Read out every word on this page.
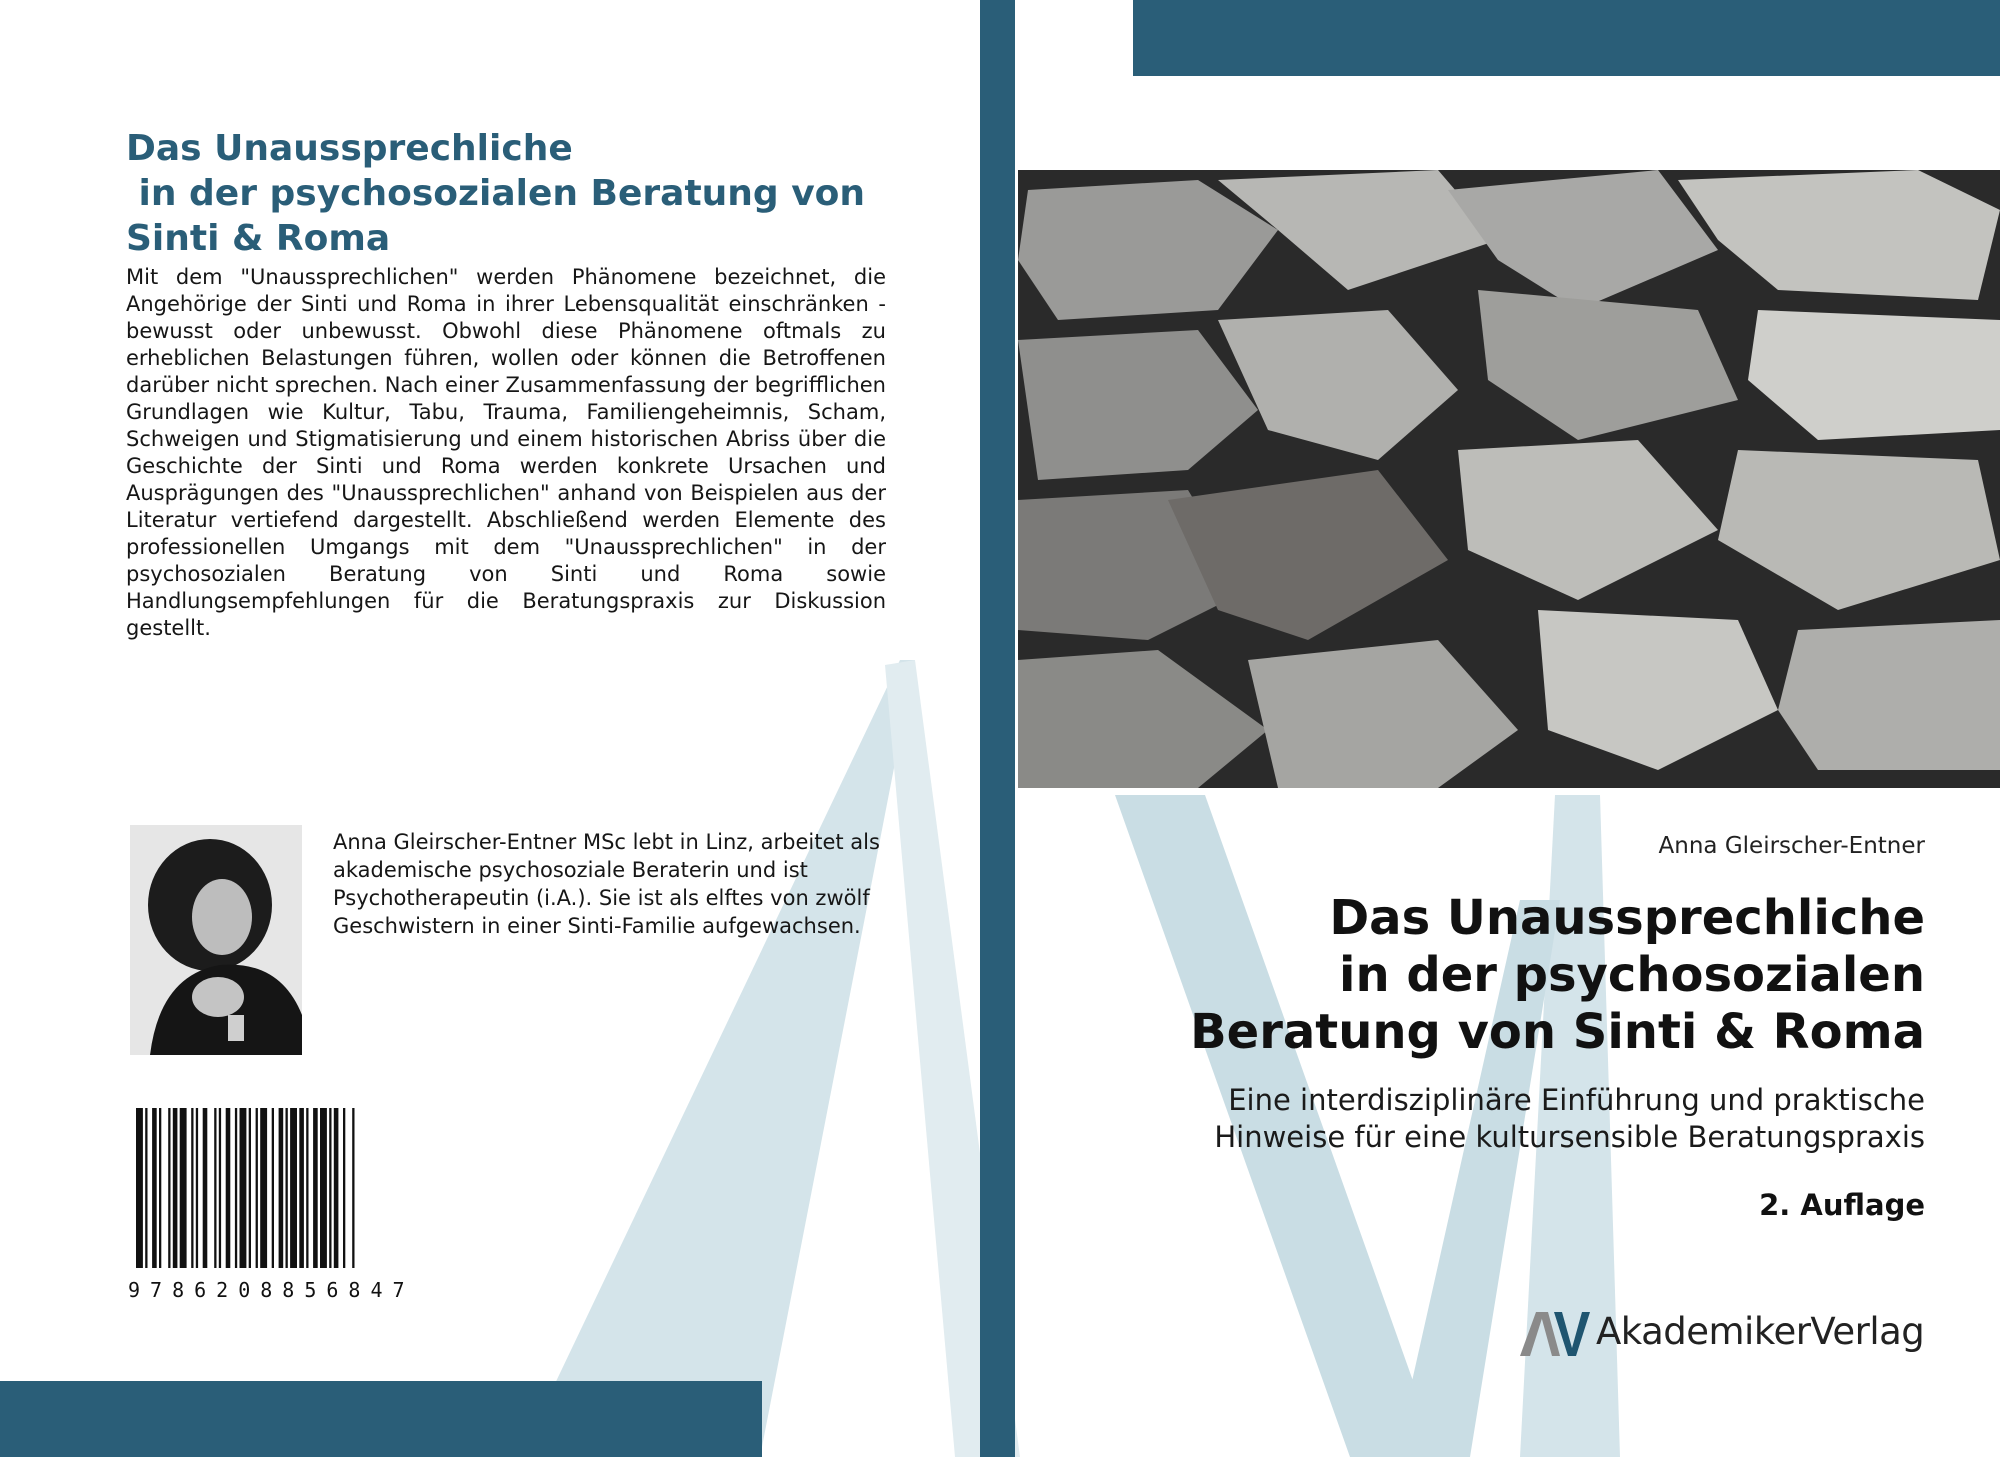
Das Unaussprechliche
in der psychosozialen Beratung von
Sinti & Roma
Mit dem "Unaussprechlichen" werden Phänomene bezeichnet, die Angehörige der Sinti und Roma in ihrer Lebensqualität einschränken - bewusst oder unbewusst. Obwohl diese Phänomene oftmals zu erheblichen Belastungen führen, wollen oder können die Betroffenen darüber nicht sprechen. Nach einer Zusammenfassung der begrifflichen Grundlagen wie Kultur, Tabu, Trauma, Familiengeheimnis, Scham, Schweigen und Stigmatisierung und einem historischen Abriss über die Geschichte der Sinti und Roma werden konkrete Ursachen und Ausprägungen des "Unaussprechlichen" anhand von Beispielen aus der Literatur vertiefend dargestellt. Abschließend werden Elemente des professionellen Umgangs mit dem "Unaussprechlichen" in der psychosozialen Beratung von Sinti und Roma sowie Handlungsempfehlungen für die Beratungspraxis zur Diskussion gestellt.
Anna Gleirscher-Entner MSc lebt in Linz, arbeitet als akademische psychosoziale Beraterin und ist Psychotherapeutin (i.A.). Sie ist als elftes von zwölf Geschwistern in einer Sinti-Familie aufgewachsen.
9786208856847
Anna Gleirscher-Entner
Das Unaussprechliche
in der psychosozialen
Beratung von Sinti & Roma
Eine interdisziplinäre Einführung und praktische
Hinweise für eine kultursensible Beratungspraxis
2. Auflage
AkademikerVerlag
